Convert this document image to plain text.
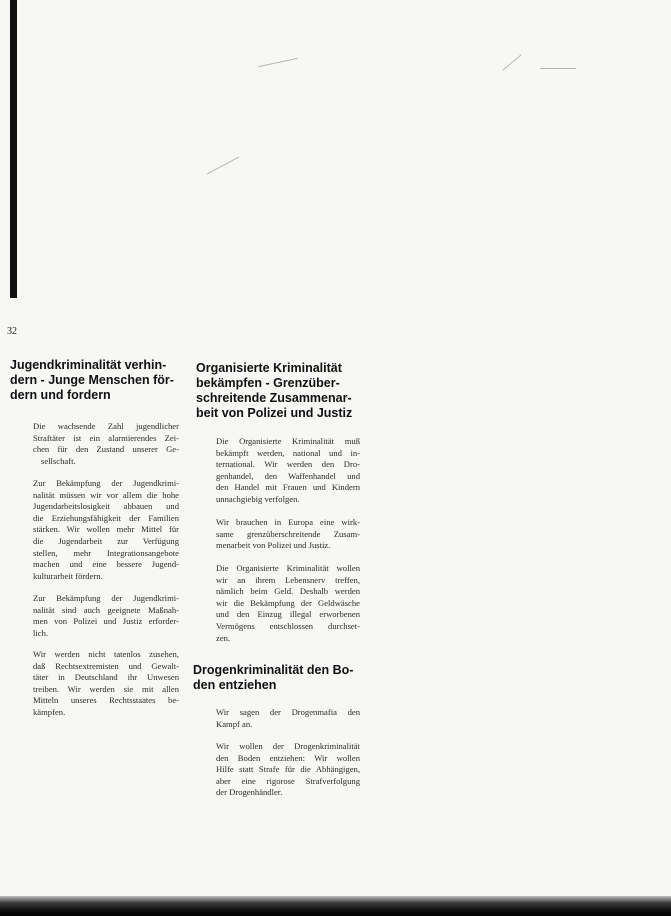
32
Jugendkriminalität verhin-
dern - Junge Menschen för-
dern und fordern

Die wachsende Zahl jugendlicher
Straftäter ist ein alarmierendes Zei-
chen für den Zustand unserer Ge-
sellschaft.

Zur Bekämpfung der Jugendkrimi-
nalität müssen wir vor allem die hohe
Jugendarbeitslosigkeit abbauen und
die Erziehungsfähigkeit der Familien
stärken. Wir wollen mehr Mittel für
die Jugendarbeit zur Verfügung
stellen, mehr Integrationsangebote
machen und eine bessere Jugend-
kulturarbeit fördern.

Zur Bekämpfung der Jugendkrimi-
nalität sind auch geeignete Maßnah-
men von Polizei und Justiz erforder-
lich.

Wir werden nicht tatenlos zusehen,
daß Rechtsextremisten und Gewalt-
täter in Deutschland ihr Unwesen
treiben. Wir werden sie mit allen
Mitteln unseres Rechtsstaates be-
kämpfen.

Organisierte Kriminalität
bekämpfen - Grenzüber-
schreitende Zusammenar-
beit von Polizei und Justiz

Die Organisierte Kriminalität muß
bekämpft werden, national und in-
ternational. Wir werden den Dro-
genhandel, den Waffenhandel und
den Handel mit Frauen und Kindern
unnachgiebig verfolgen.

Wir brauchen in Europa eine wirk-
same grenzüberschreitende Zusam-
menarbeit von Polizei und Justiz.

Die Organisierte Kriminalität wollen
wir an ihrem Lebensnerv treffen,
nämlich beim Geld. Deshalb werden
wir die Bekämpfung der Geldwäsche
und den Einzug illegal erworbenen
Vermögens entschlossen durchset-
zen.

Drogenkriminalität den Bo-
den entziehen

Wir sagen der Drogenmafia den
Kampf an.

Wir wollen der Drogenkriminalität
den Boden entziehen: Wir wollen
Hilfe statt Strafe für die Abhängigen,
aber eine rigorose Strafverfolgung
der Drogenhändler.
